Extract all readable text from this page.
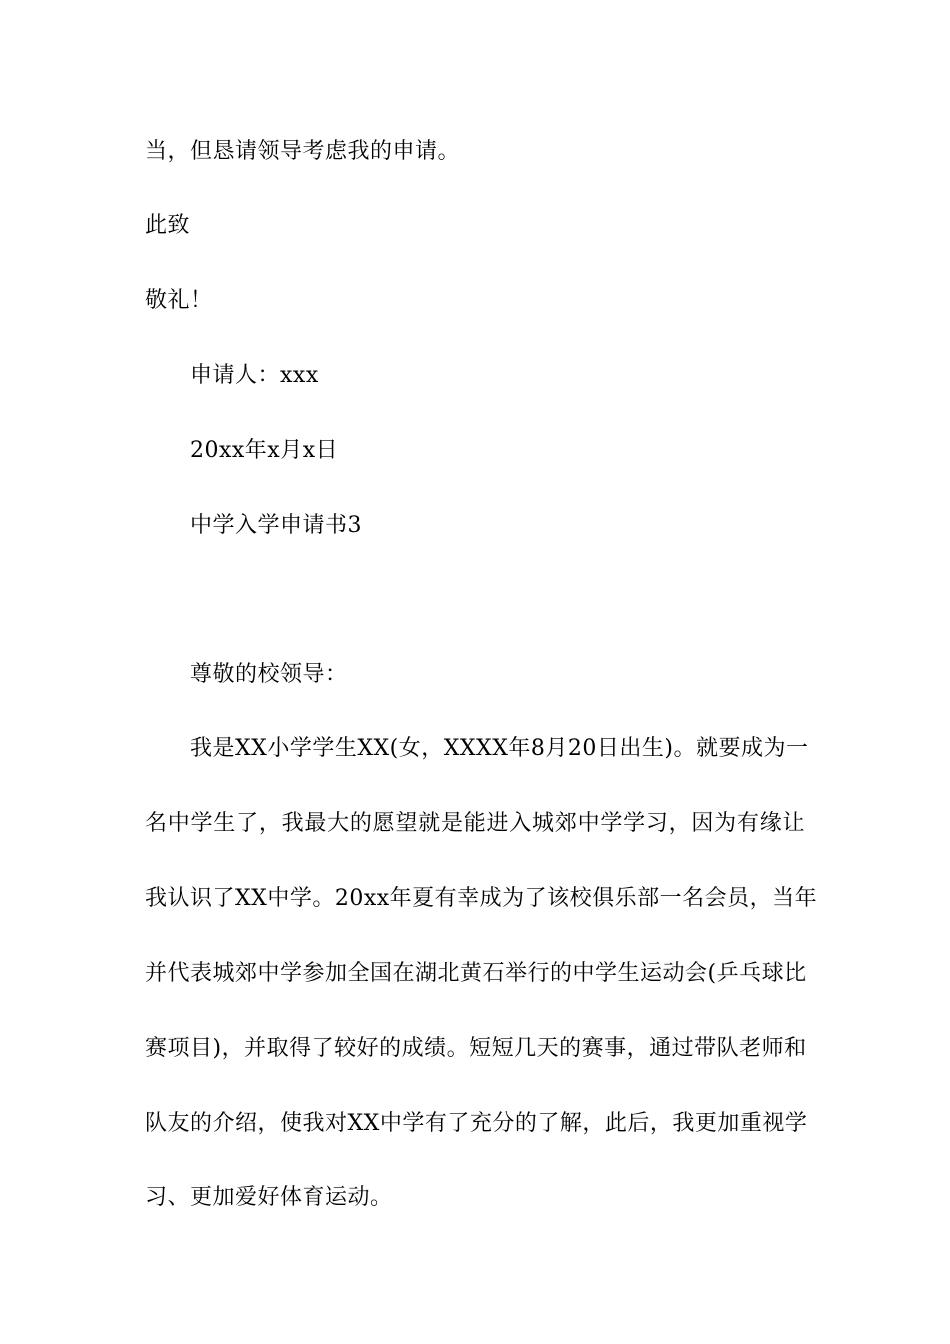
当，但恳请领导考虑我的申请。
此致
敬礼！
申请人：xxx
20xx年x月x日
中学入学申请书3
尊敬的校领导：
我是XX小学学生XX(女，XXXX年8月20日出生)。就要成为一
名中学生了，我最大的愿望就是能进入城郊中学学习，因为有缘让
我认识了XX中学。20xx年夏有幸成为了该校俱乐部一名会员，当年
并代表城郊中学参加全国在湖北黄石举行的中学生运动会(乒乓球比
赛项目)，并取得了较好的成绩。短短几天的赛事，通过带队老师和
队友的介绍，使我对XX中学有了充分的了解，此后，我更加重视学
习、更加爱好体育运动。
